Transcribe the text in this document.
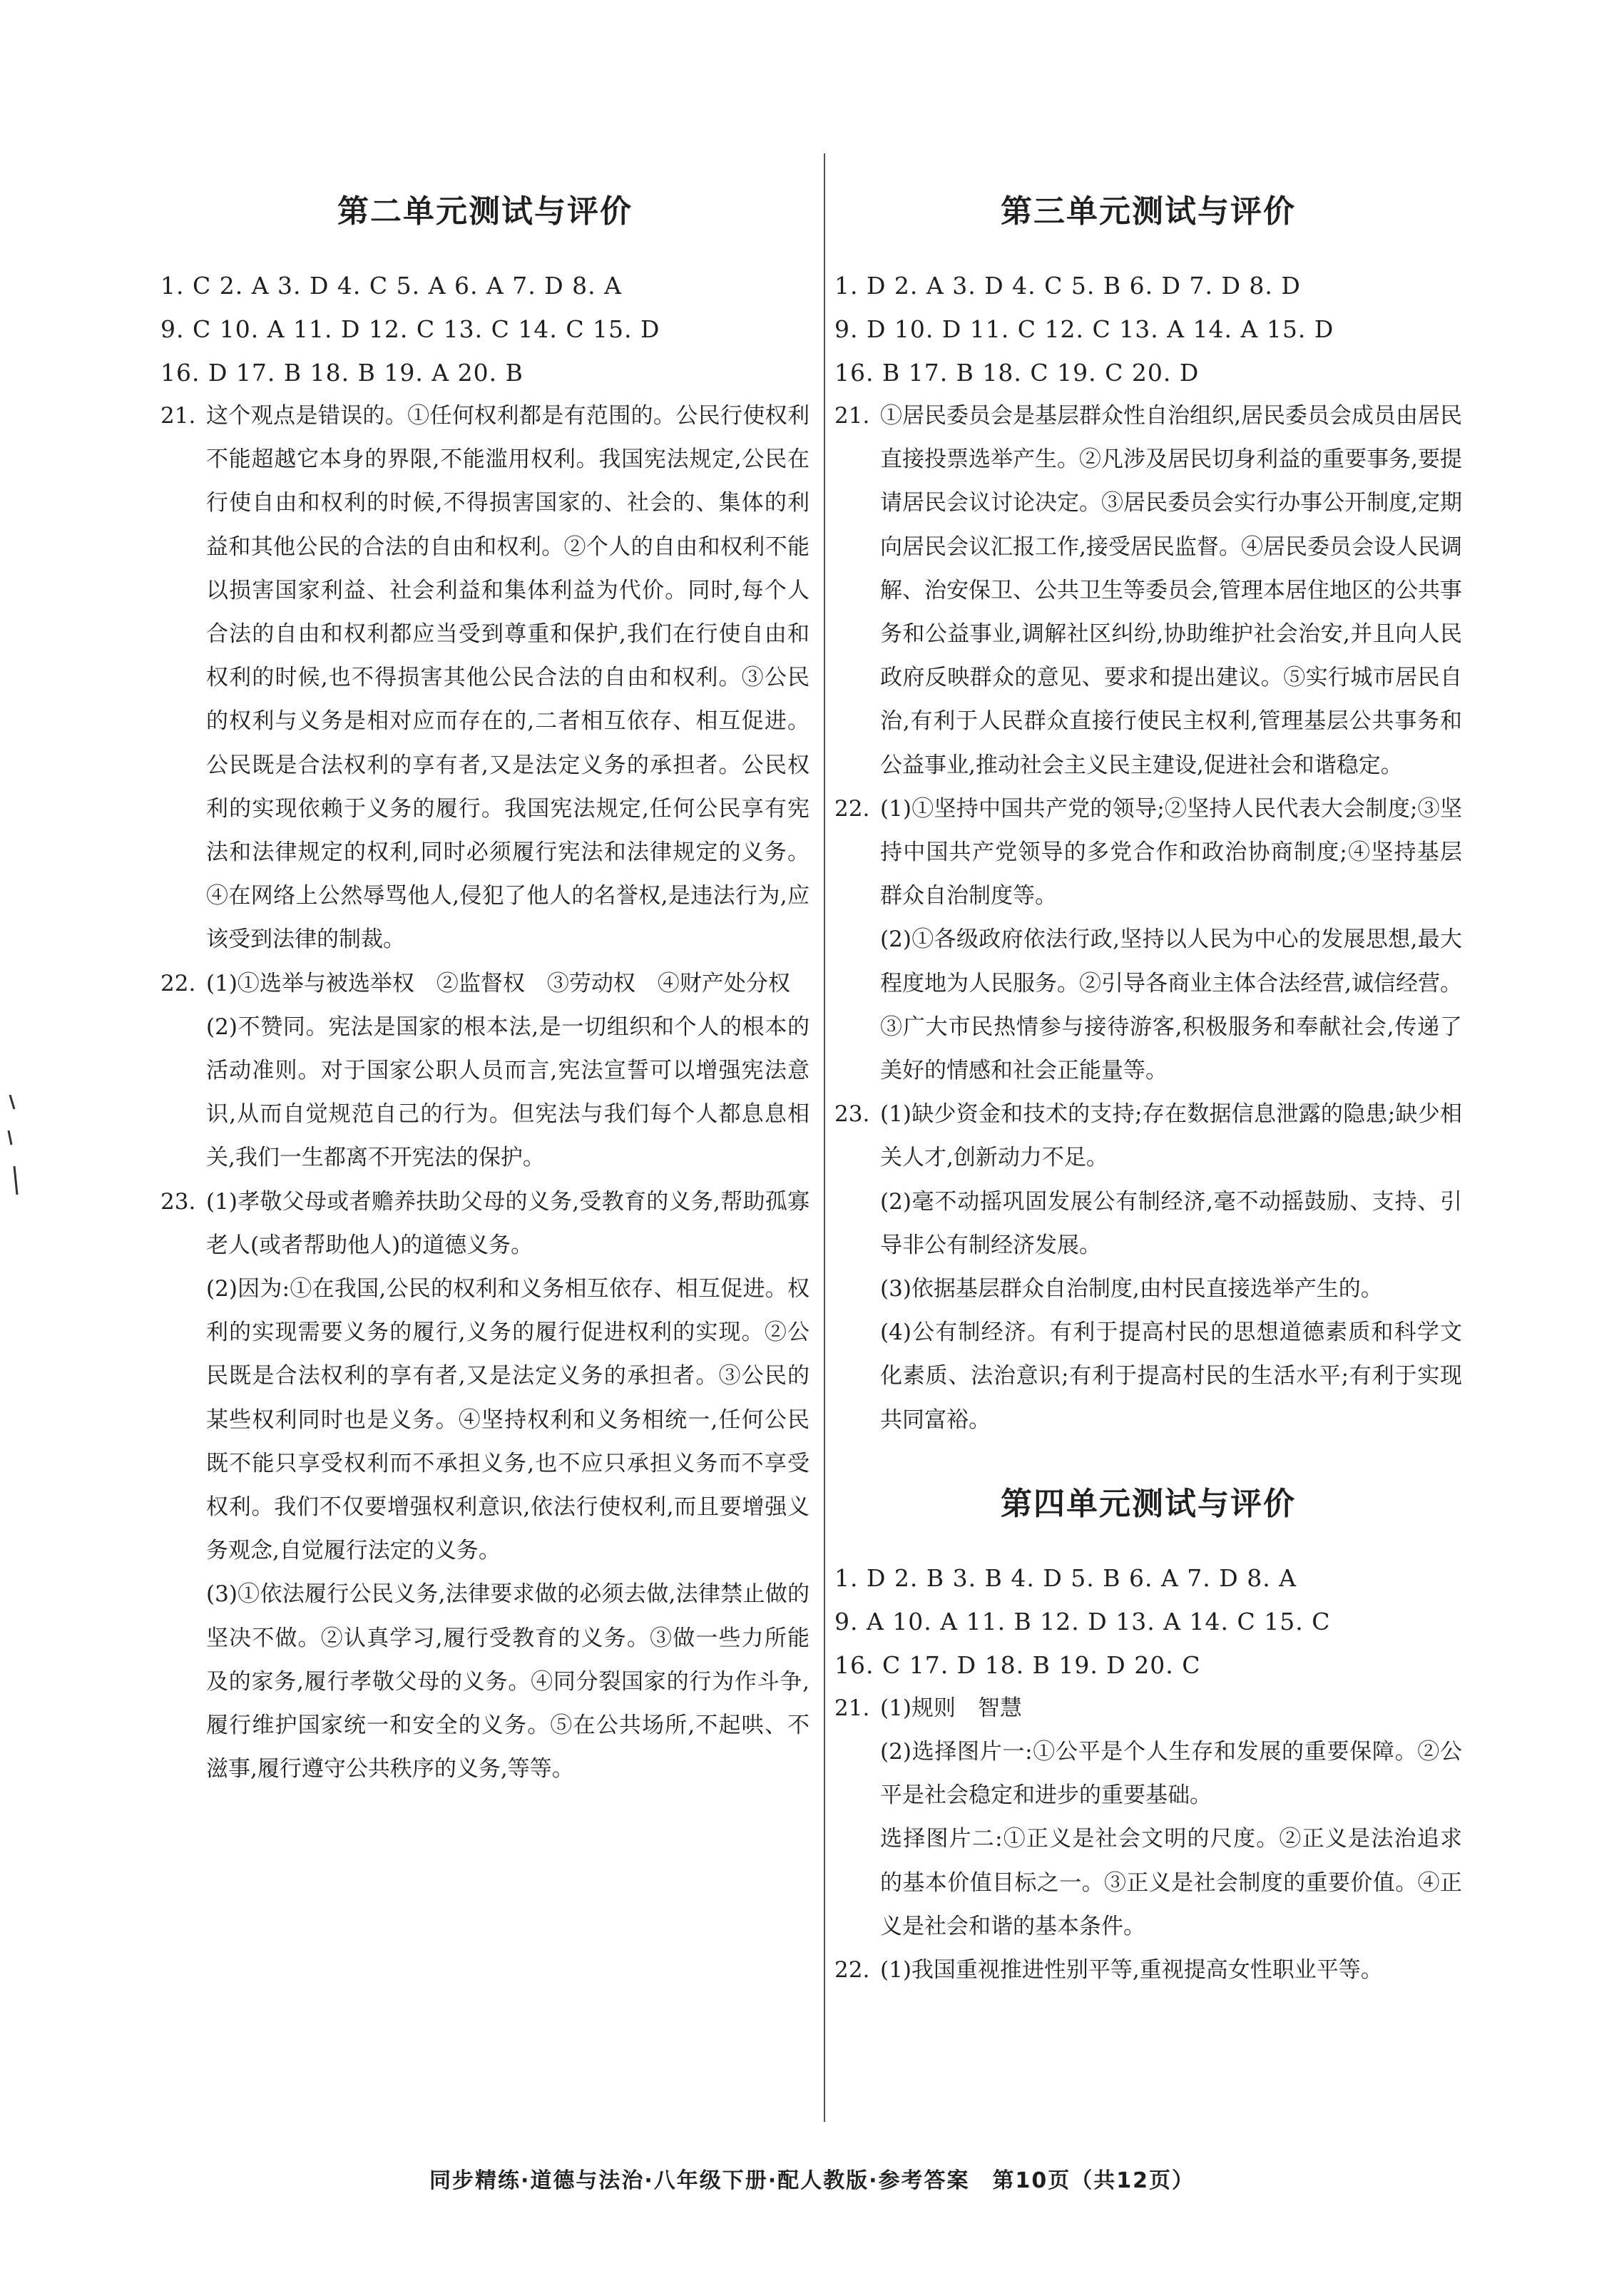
第二单元测试与评价
1. C 2. A 3. D 4. C 5. A 6. A 7. D 8. A
9. C 10. A 11. D 12. C 13. C 14. C 15. D
16. D 17. B 18. B 19. A 20. B
21. 这个观点是错误的。①任何权利都是有范围的。公民行使权利不能超越它本身的界限,不能滥用权利。我国宪法规定,公民在行使自由和权利的时候,不得损害国家的、社会的、集体的利益和其他公民的合法的自由和权利。②个人的自由和权利不能以损害国家利益、社会利益和集体利益为代价。同时,每个人合法的自由和权利都应当受到尊重和保护,我们在行使自由和权利的时候,也不得损害其他公民合法的自由和权利。③公民的权利与义务是相对应而存在的,二者相互依存、相互促进。公民既是合法权利的享有者,又是法定义务的承担者。公民权利的实现依赖于义务的履行。我国宪法规定,任何公民享有宪法和法律规定的权利,同时必须履行宪法和法律规定的义务。④在网络上公然辱骂他人,侵犯了他人的名誉权,是违法行为,应该受到法律的制裁。
22. (1)①选举与被选举权　②监督权　③劳动权　④财产处分权
(2)不赞同。宪法是国家的根本法,是一切组织和个人的根本的活动准则。对于国家公职人员而言,宪法宣誓可以增强宪法意识,从而自觉规范自己的行为。但宪法与我们每个人都息息相关,我们一生都离不开宪法的保护。
23. (1)孝敬父母或者赡养扶助父母的义务,受教育的义务,帮助孤寡老人(或者帮助他人)的道德义务。
(2)因为:①在我国,公民的权利和义务相互依存、相互促进。权利的实现需要义务的履行,义务的履行促进权利的实现。②公民既是合法权利的享有者,又是法定义务的承担者。③公民的某些权利同时也是义务。④坚持权利和义务相统一,任何公民既不能只享受权利而不承担义务,也不应只承担义务而不享受权利。我们不仅要增强权利意识,依法行使权利,而且要增强义务观念,自觉履行法定的义务。
(3)①依法履行公民义务,法律要求做的必须去做,法律禁止做的坚决不做。②认真学习,履行受教育的义务。③做一些力所能及的家务,履行孝敬父母的义务。④同分裂国家的行为作斗争,履行维护国家统一和安全的义务。⑤在公共场所,不起哄、不滋事,履行遵守公共秩序的义务,等等。
第三单元测试与评价
1. D 2. A 3. D 4. C 5. B 6. D 7. D 8. D
9. D 10. D 11. C 12. C 13. A 14. A 15. D
16. B 17. B 18. C 19. C 20. D
21. ①居民委员会是基层群众性自治组织,居民委员会成员由居民直接投票选举产生。②凡涉及居民切身利益的重要事务,要提请居民会议讨论决定。③居民委员会实行办事公开制度,定期向居民会议汇报工作,接受居民监督。④居民委员会设人民调解、治安保卫、公共卫生等委员会,管理本居住地区的公共事务和公益事业,调解社区纠纷,协助维护社会治安,并且向人民政府反映群众的意见、要求和提出建议。⑤实行城市居民自治,有利于人民群众直接行使民主权利,管理基层公共事务和公益事业,推动社会主义民主建设,促进社会和谐稳定。
22. (1)①坚持中国共产党的领导;②坚持人民代表大会制度;③坚持中国共产党领导的多党合作和政治协商制度;④坚持基层群众自治制度等。
(2)①各级政府依法行政,坚持以人民为中心的发展思想,最大程度地为人民服务。②引导各商业主体合法经营,诚信经营。③广大市民热情参与接待游客,积极服务和奉献社会,传递了美好的情感和社会正能量等。
23. (1)缺少资金和技术的支持;存在数据信息泄露的隐患;缺少相关人才,创新动力不足。
(2)毫不动摇巩固发展公有制经济,毫不动摇鼓励、支持、引导非公有制经济发展。
(3)依据基层群众自治制度,由村民直接选举产生的。
(4)公有制经济。有利于提高村民的思想道德素质和科学文化素质、法治意识;有利于提高村民的生活水平;有利于实现共同富裕。
第四单元测试与评价
1. D 2. B 3. B 4. D 5. B 6. A 7. D 8. A
9. A 10. A 11. B 12. D 13. A 14. C 15. C
16. C 17. D 18. B 19. D 20. C
21. (1)规则　智慧
(2)选择图片一:①公平是个人生存和发展的重要保障。②公平是社会稳定和进步的重要基础。
选择图片二:①正义是社会文明的尺度。②正义是法治追求的基本价值目标之一。③正义是社会制度的重要价值。④正义是社会和谐的基本条件。
22. (1)我国重视推进性别平等,重视提高女性职业平等。
同步精练·道德与法治·八年级下册·配人教版·参考答案　第10页（共12页）
